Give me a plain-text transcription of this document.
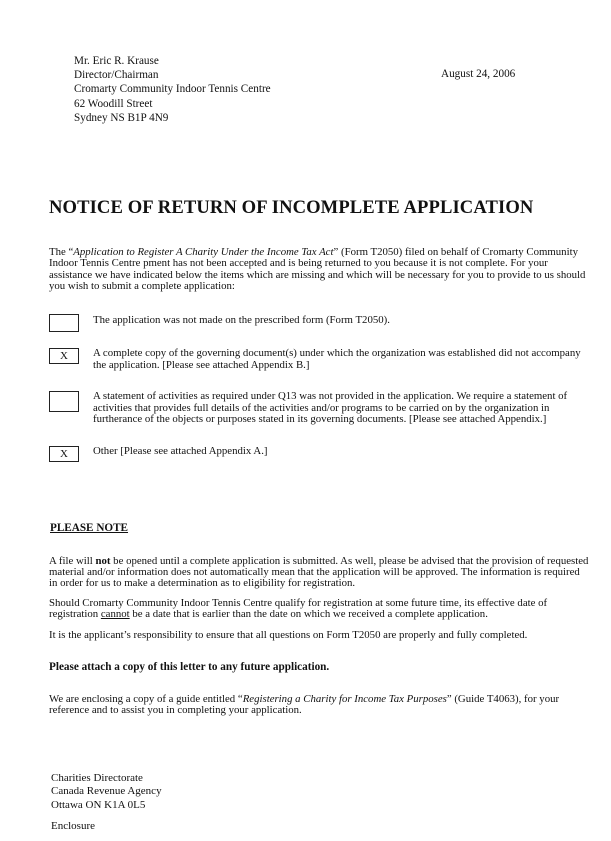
Mr. Eric R. Krause
Director/Chairman
Cromarty Community Indoor Tennis Centre
62 Woodill Street
Sydney NS B1P 4N9
August 24, 2006
NOTICE OF RETURN OF INCOMPLETE APPLICATION
The “Application to Register A Charity Under the Income Tax Act” (Form T2050) filed on behalf of Cromarty Community Indoor Tennis Centre pment has not been accepted and is being returned to you because it is not complete. For your assistance we have indicated below the items which are missing and which will be necessary for you to provide to us should you wish to submit a complete application:
The application was not made on the prescribed form (Form T2050).
X	A complete copy of the governing document(s) under which the organization was established did not accompany the application. [Please see attached Appendix B.]
A statement of activities as required under Q13 was not provided in the application. We require a statement of activities that provides full details of the activities and/or programs to be carried on by the organization in furtherance of the objects or purposes stated in its governing documents. [Please see attached Appendix.]
X	Other [Please see attached Appendix A.]
PLEASE NOTE
A file will not be opened until a complete application is submitted. As well, please be advised that the provision of requested material and/or information does not automatically mean that the application will be approved. The information is required in order for us to make a determination as to eligibility for registration.
Should Cromarty Community Indoor Tennis Centre qualify for registration at some future time, its effective date of registration cannot be a date that is earlier than the date on which we received a complete application.
It is the applicant’s responsibility to ensure that all questions on Form T2050 are properly and fully completed.
Please attach a copy of this letter to any future application.
We are enclosing a copy of a guide entitled “Registering a Charity for Income Tax Purposes” (Guide T4063), for your reference and to assist you in completing your application.
Charities Directorate
Canada Revenue Agency
Ottawa ON K1A 0L5
Enclosure
